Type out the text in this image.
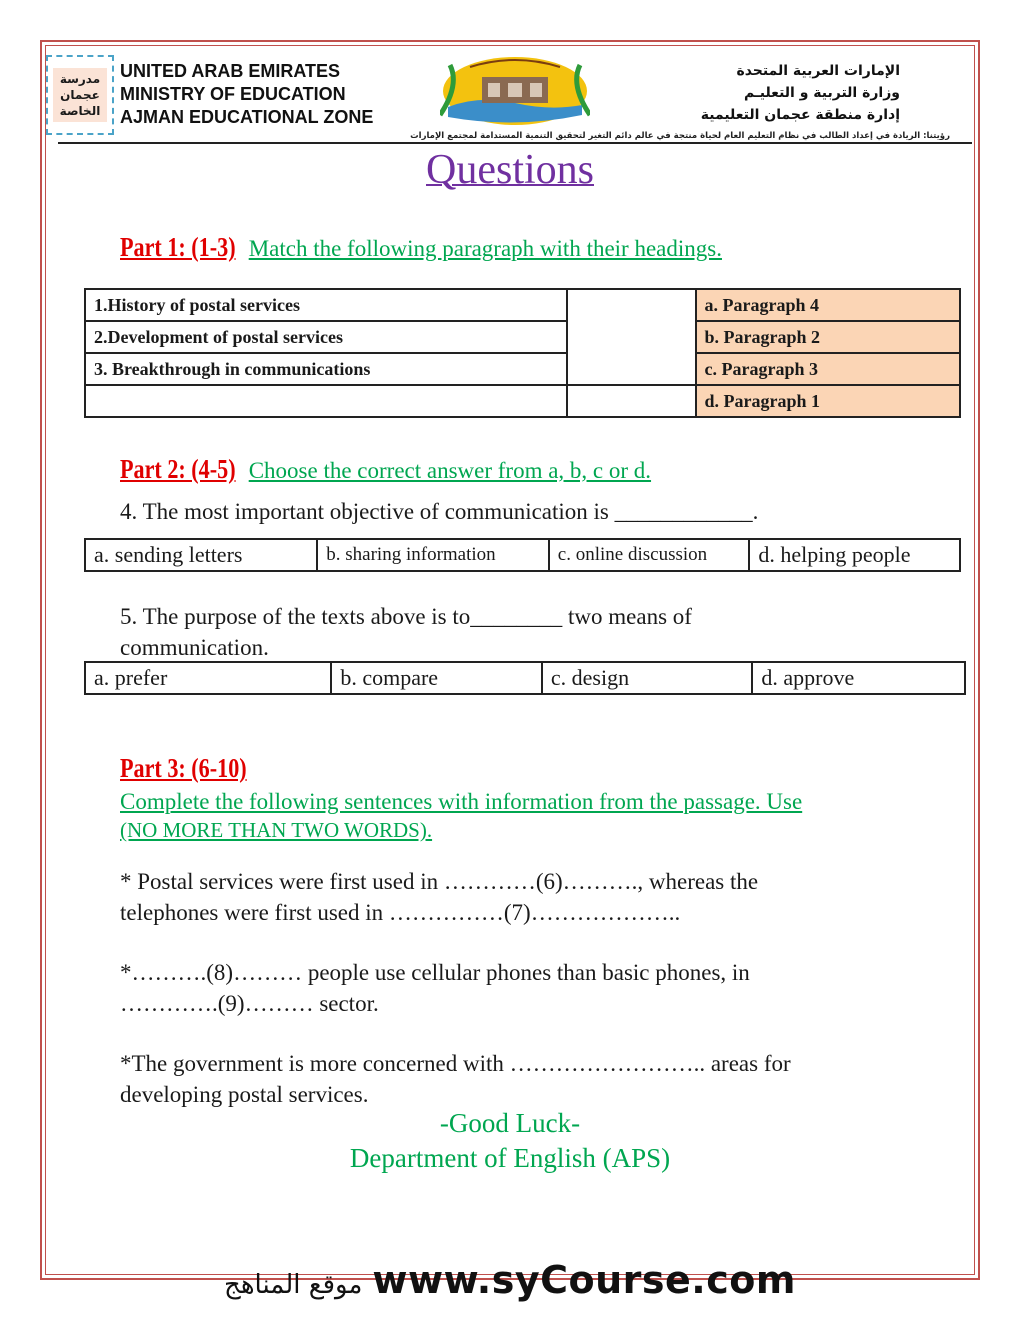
مدرسة
عجمان
الخاصة
UNITED ARAB EMIRATES
MINISTRY OF EDUCATION
AJMAN EDUCATIONAL ZONE
الإمارات العربية المتحدة
وزارة التربية و التعليـم
إدارة منطقة عجمان التعليمية
رؤيتنا: الريادة في إعداد الطالب في نظام التعليم العام لحياة منتجة في عالم دائم التغير لتحقيق التنمية المستدامة لمجتمع الإمارات
Questions
Part 1: (1-3) Match the following paragraph with their headings.
1.History of postal services		a. Paragraph 4
2.Development of postal services		b. Paragraph 2
3. Breakthrough in communications		c. Paragraph 3
		d. Paragraph 1
Part 2: (4-5) Choose the correct answer from a, b, c or d.
4. The most important objective of communication is ____________.
a. sending letters	b. sharing information	c. online discussion	d. helping people
5. The purpose of the texts above is to________ two means of
communication.
a. prefer	b. compare	c. design	d. approve
Part 3: (6-10)
Complete the following sentences with information from the passage. Use
(NO MORE THAN TWO WORDS).
* Postal services were first used in …………(6)………., whereas the
telephones were first used in ……………(7)………………..
*……….(8)……… people use cellular phones than basic phones, in
………….(9)……… sector.
*The government is more concerned with …………………….. areas for
developing postal services.
-Good Luck-
Department of English (APS)
موقع المناهج www.syCourse.com
